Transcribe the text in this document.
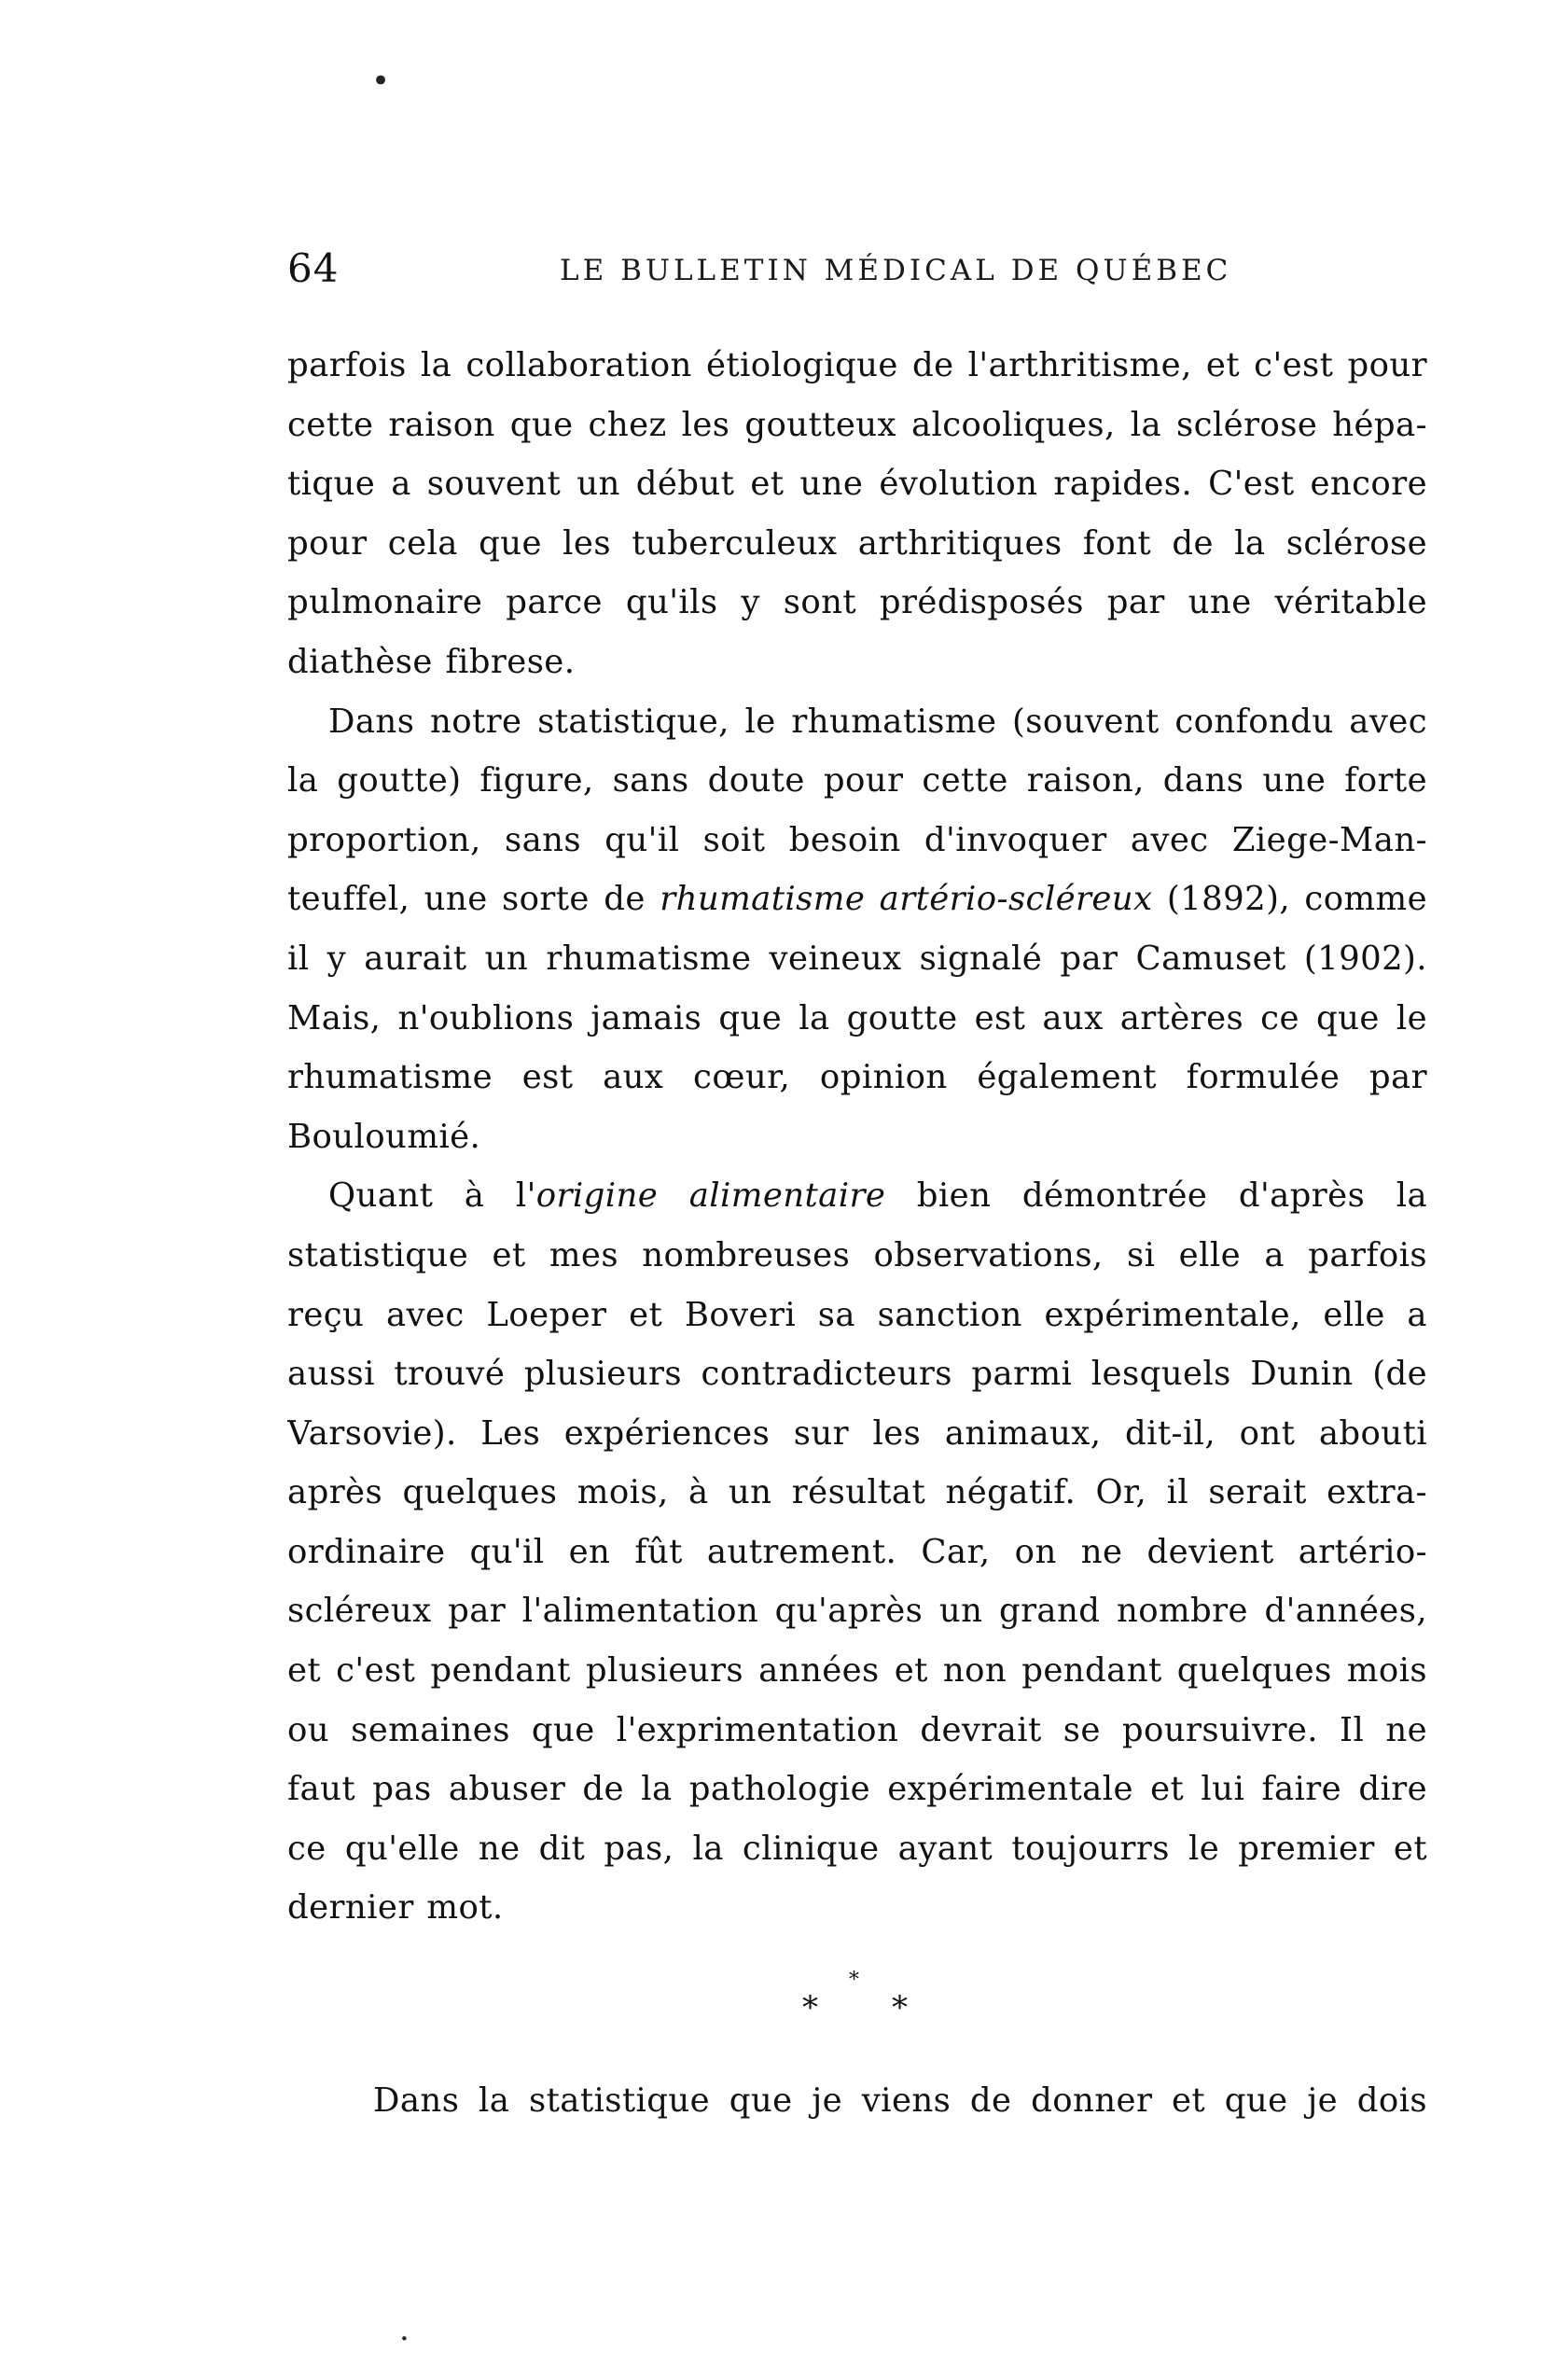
•
64	LE BULLETIN MÉDICAL DE QUÉBEC
parfois la collaboration étiologique de l'arthritisme, et c'est pour
cette raison que chez les goutteux alcooliques, la sclérose hépa-
tique a souvent un début et une évolution rapides. C'est encore
pour cela que les tuberculeux arthritiques font de la sclérose
pulmonaire parce qu'ils y sont prédisposés par une véritable
diathèse fibrese.
Dans notre statistique, le rhumatisme (souvent confondu avec
la goutte) figure, sans doute pour cette raison, dans une forte
proportion, sans qu'il soit besoin d'invoquer avec Ziege-Man-
teuffel, une sorte de rhumatisme artério-scléreux (1892), comme
il y aurait un rhumatisme veineux signalé par Camuset (1902).
Mais, n'oublions jamais que la goutte est aux artères ce que le
rhumatisme est aux cœur, opinion également formulée par
Bouloumié.
Quant à l'origine alimentaire bien démontrée d'après la
statistique et mes nombreuses observations, si elle a parfois
reçu avec Loeper et Boveri sa sanction expérimentale, elle a
aussi trouvé plusieurs contradicteurs parmi lesquels Dunin (de
Varsovie). Les expériences sur les animaux, dit-il, ont abouti
après quelques mois, à un résultat négatif. Or, il serait extra-
ordinaire qu'il en fût autrement. Car, on ne devient artério-
scléreux par l'alimentation qu'après un grand nombre d'années,
et c'est pendant plusieurs années et non pendant quelques mois
ou semaines que l'exprimentation devrait se poursuivre. Il ne
faut pas abuser de la pathologie expérimentale et lui faire dire
ce qu'elle ne dit pas, la clinique ayant toujourrs le premier et
dernier mot.
*
*
*
Dans la statistique que je viens de donner et que je dois
·
